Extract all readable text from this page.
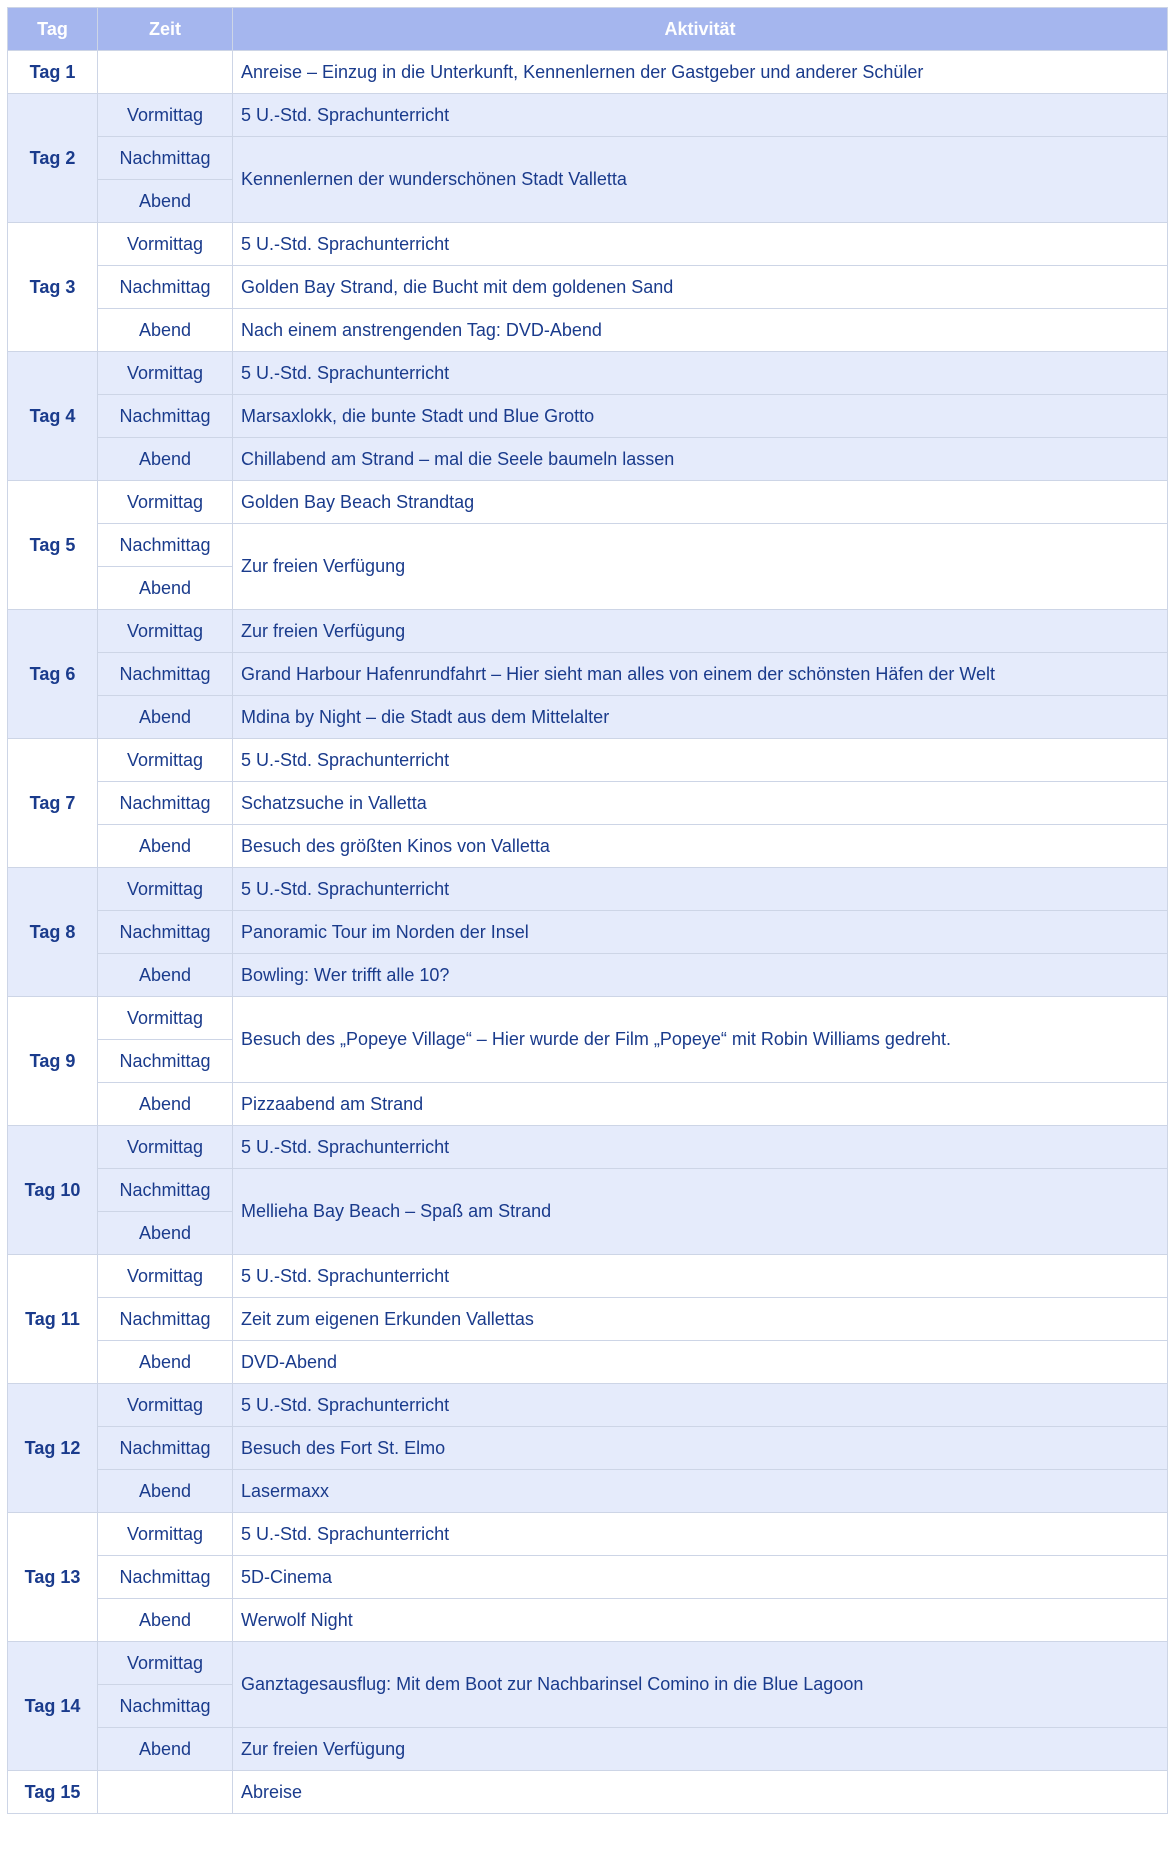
Tag	Zeit	Aktivität
Tag 1		Anreise – Einzug in die Unterkunft, Kennenlernen der Gastgeber und anderer Schüler
Tag 2	Vormittag	5 U.-Std. Sprachunterricht
	Nachmittag	Kennenlernen der wunderschönen Stadt Valletta
	Abend	
Tag 3	Vormittag	5 U.-Std. Sprachunterricht
	Nachmittag	Golden Bay Strand, die Bucht mit dem goldenen Sand
	Abend	Nach einem anstrengenden Tag: DVD-Abend
Tag 4	Vormittag	5 U.-Std. Sprachunterricht
	Nachmittag	Marsaxlokk, die bunte Stadt und Blue Grotto
	Abend	Chillabend am Strand – mal die Seele baumeln lassen
Tag 5	Vormittag	Golden Bay Beach Strandtag
	Nachmittag	Zur freien Verfügung
	Abend	
Tag 6	Vormittag	Zur freien Verfügung
	Nachmittag	Grand Harbour Hafenrundfahrt – Hier sieht man alles von einem der schönsten Häfen der Welt
	Abend	Mdina by Night – die Stadt aus dem Mittelalter
Tag 7	Vormittag	5 U.-Std. Sprachunterricht
	Nachmittag	Schatzsuche in Valletta
	Abend	Besuch des größten Kinos von Valletta
Tag 8	Vormittag	5 U.-Std. Sprachunterricht
	Nachmittag	Panoramic Tour im Norden der Insel
	Abend	Bowling: Wer trifft alle 10?
Tag 9	Vormittag	Besuch des „Popeye Village“ – Hier wurde der Film „Popeye“ mit Robin Williams gedreht.
	Nachmittag	
	Abend	Pizzaabend am Strand
Tag 10	Vormittag	5 U.-Std. Sprachunterricht
	Nachmittag	Mellieha Bay Beach – Spaß am Strand
	Abend	
Tag 11	Vormittag	5 U.-Std. Sprachunterricht
	Nachmittag	Zeit zum eigenen Erkunden Vallettas
	Abend	DVD-Abend
Tag 12	Vormittag	5 U.-Std. Sprachunterricht
	Nachmittag	Besuch des Fort St. Elmo
	Abend	Lasermaxx
Tag 13	Vormittag	5 U.-Std. Sprachunterricht
	Nachmittag	5D-Cinema
	Abend	Werwolf Night
Tag 14	Vormittag	Ganztagesausflug: Mit dem Boot zur Nachbarinsel Comino in die Blue Lagoon
	Nachmittag	
	Abend	Zur freien Verfügung
Tag 15		Abreise
